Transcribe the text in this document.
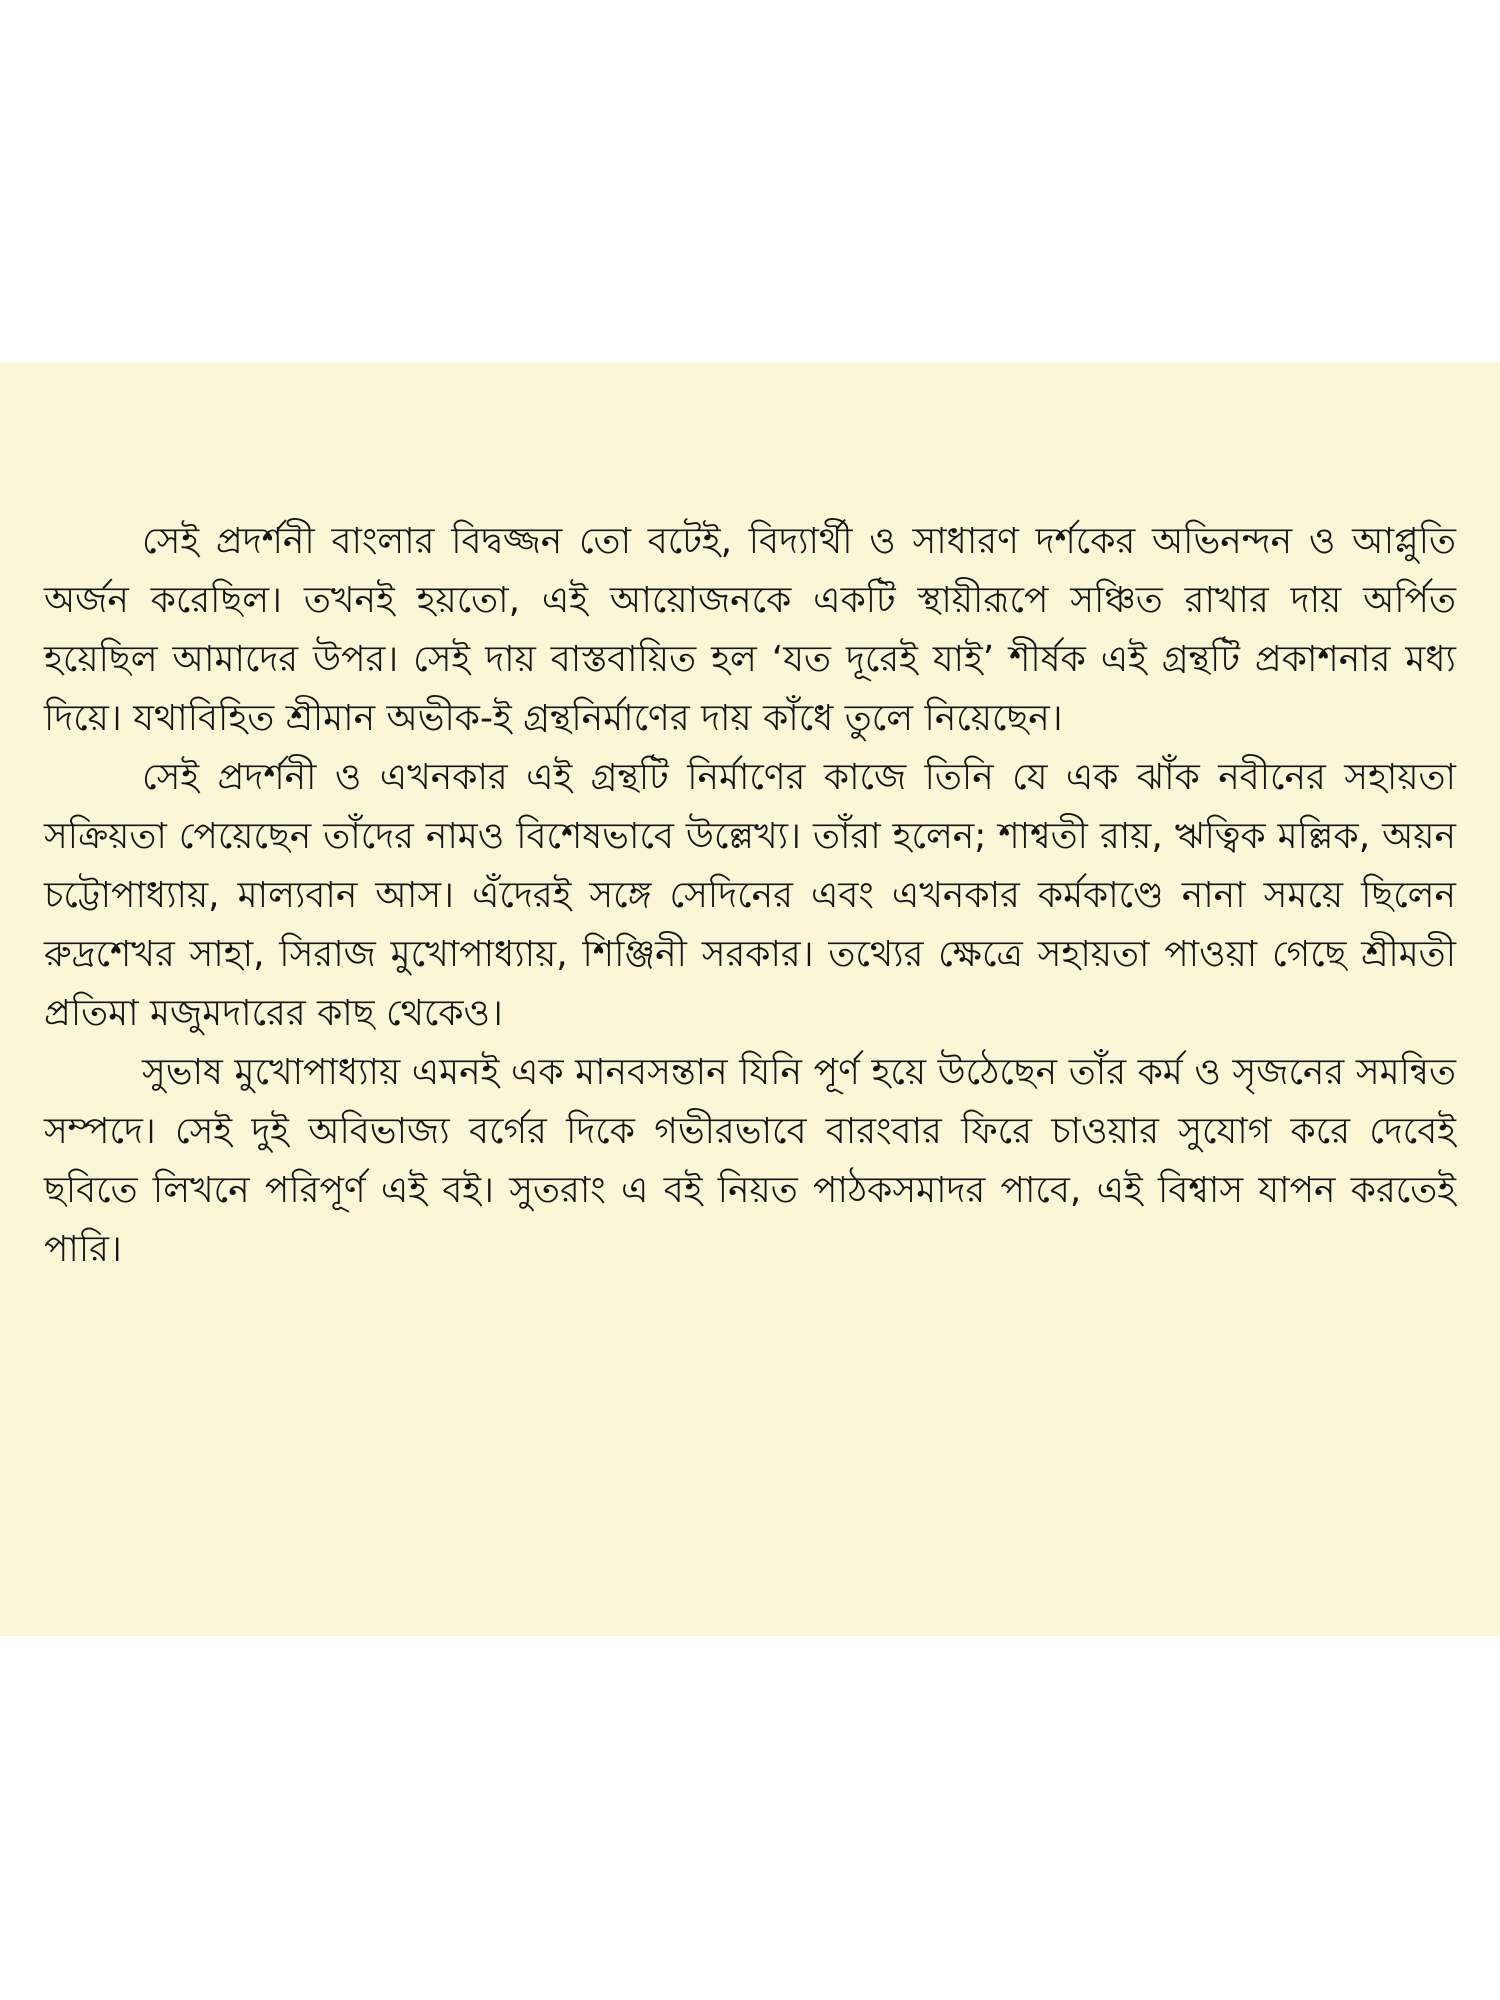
সেই প্রদর্শনী বাংলার বিদ্বজ্জন তো বটেই, বিদ্যার্থী ও সাধারণ দর্শকের অভিনন্দন ও আপ্লুতি অর্জন করেছিল। তখনই হয়তো, এই আয়োজনকে একটি স্থায়ীরূপে সঞ্চিত রাখার দায় অর্পিত হয়েছিল আমাদের উপর। সেই দায় বাস্তবায়িত হল ‘যত দূরেই যাই’ শীর্ষক এই গ্রন্থটি প্রকাশনার মধ্য দিয়ে। যথাবিহিত শ্রীমান অভীক-ই গ্রন্থনির্মাণের দায় কাঁধে তুলে নিয়েছেন।

সেই প্রদর্শনী ও এখনকার এই গ্রন্থটি নির্মাণের কাজে তিনি যে এক ঝাঁক নবীনের সহায়তা সক্রিয়তা পেয়েছেন তাঁদের নামও বিশেষভাবে উল্লেখ্য। তাঁরা হলেন; শাশ্বতী রায়, ঋত্বিক মল্লিক, অয়ন চট্টোপাধ্যায়, মাল্যবান আস। এঁদেরই সঙ্গে সেদিনের এবং এখনকার কর্মকাণ্ডে নানা সময়ে ছিলেন রুদ্রশেখর সাহা, সিরাজ মুখোপাধ্যায়, শিঞ্জিনী সরকার। তথ্যের ক্ষেত্রে সহায়তা পাওয়া গেছে শ্রীমতী প্রতিমা মজুমদারের কাছ থেকেও।

সুভাষ মুখোপাধ্যায় এমনই এক মানবসন্তান যিনি পূর্ণ হয়ে উঠেছেন তাঁর কর্ম ও সৃজনের সমন্বিত সম্পদে। সেই দুই অবিভাজ্য বর্গের দিকে গভীরভাবে বারংবার ফিরে চাওয়ার সুযোগ করে দেবেই ছবিতে লিখনে পরিপূর্ণ এই বই। সুতরাং এ বই নিয়ত পাঠকসমাদর পাবে, এই বিশ্বাস যাপন করতেই পারি।
